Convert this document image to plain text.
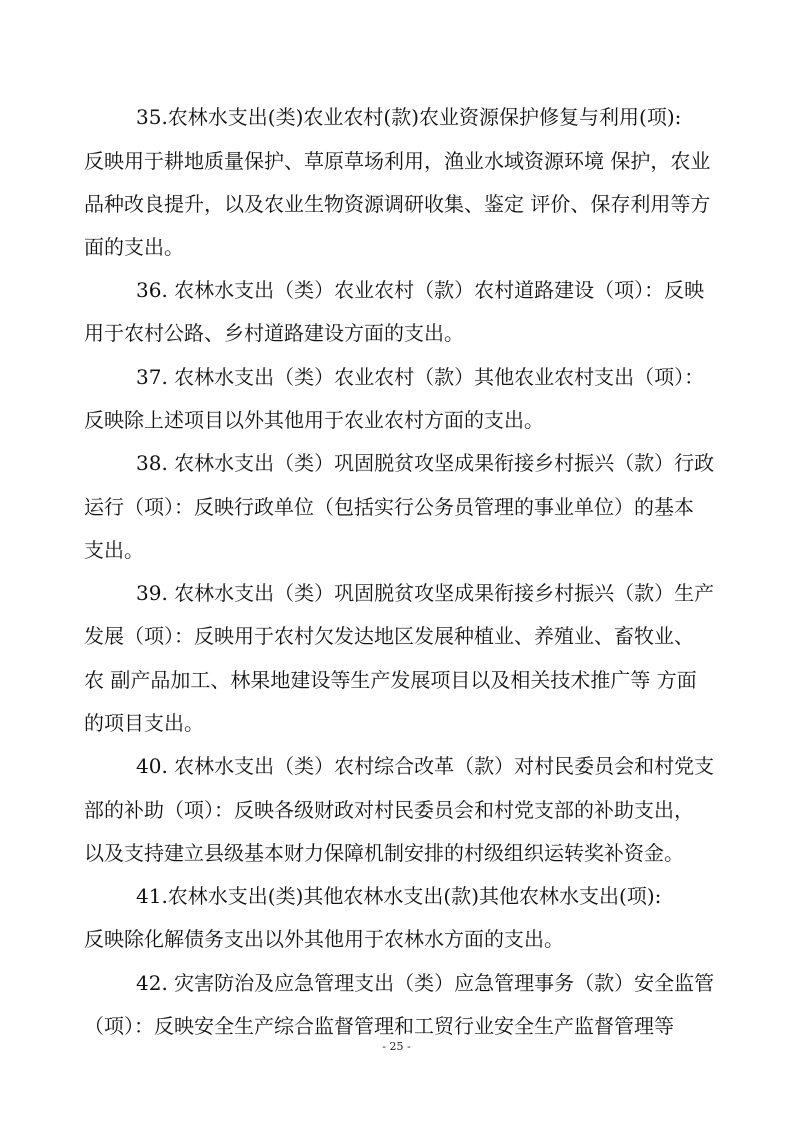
35.农林水支出(类)农业农村(款)农业资源保护修复与利用(项):
反映用于耕地质量保护、草原草场利用，渔业水域资源环境 保护，农业
品种改良提升，以及农业生物资源调研收集、鉴定 评价、保存利用等方
面的支出。
36. 农林水支出（类）农业农村（款）农村道路建设（项）：反映
用于农村公路、乡村道路建设方面的支出。
37. 农林水支出（类）农业农村（款）其他农业农村支出（项）：
反映除上述项目以外其他用于农业农村方面的支出。
38. 农林水支出（类）巩固脱贫攻坚成果衔接乡村振兴（款）行政
运行（项）：反映行政单位（包括实行公务员管理的事业单位）的基本
支出。
39. 农林水支出（类）巩固脱贫攻坚成果衔接乡村振兴（款）生产
发展（项）：反映用于农村欠发达地区发展种植业、养殖业、畜牧业、
农 副产品加工、林果地建设等生产发展项目以及相关技术推广等 方面
的项目支出。
40. 农林水支出（类）农村综合改革（款）对村民委员会和村党支
部的补助（项）：反映各级财政对村民委员会和村党支部的补助支出，
以及支持建立县级基本财力保障机制安排的村级组织运转奖补资金。
41.农林水支出(类)其他农林水支出(款)其他农林水支出(项):
反映除化解债务支出以外其他用于农林水方面的支出。
42. 灾害防治及应急管理支出（类）应急管理事务（款）安全监管
（项）：反映安全生产综合监督管理和工贸行业安全生产监督管理等
- 25 -
